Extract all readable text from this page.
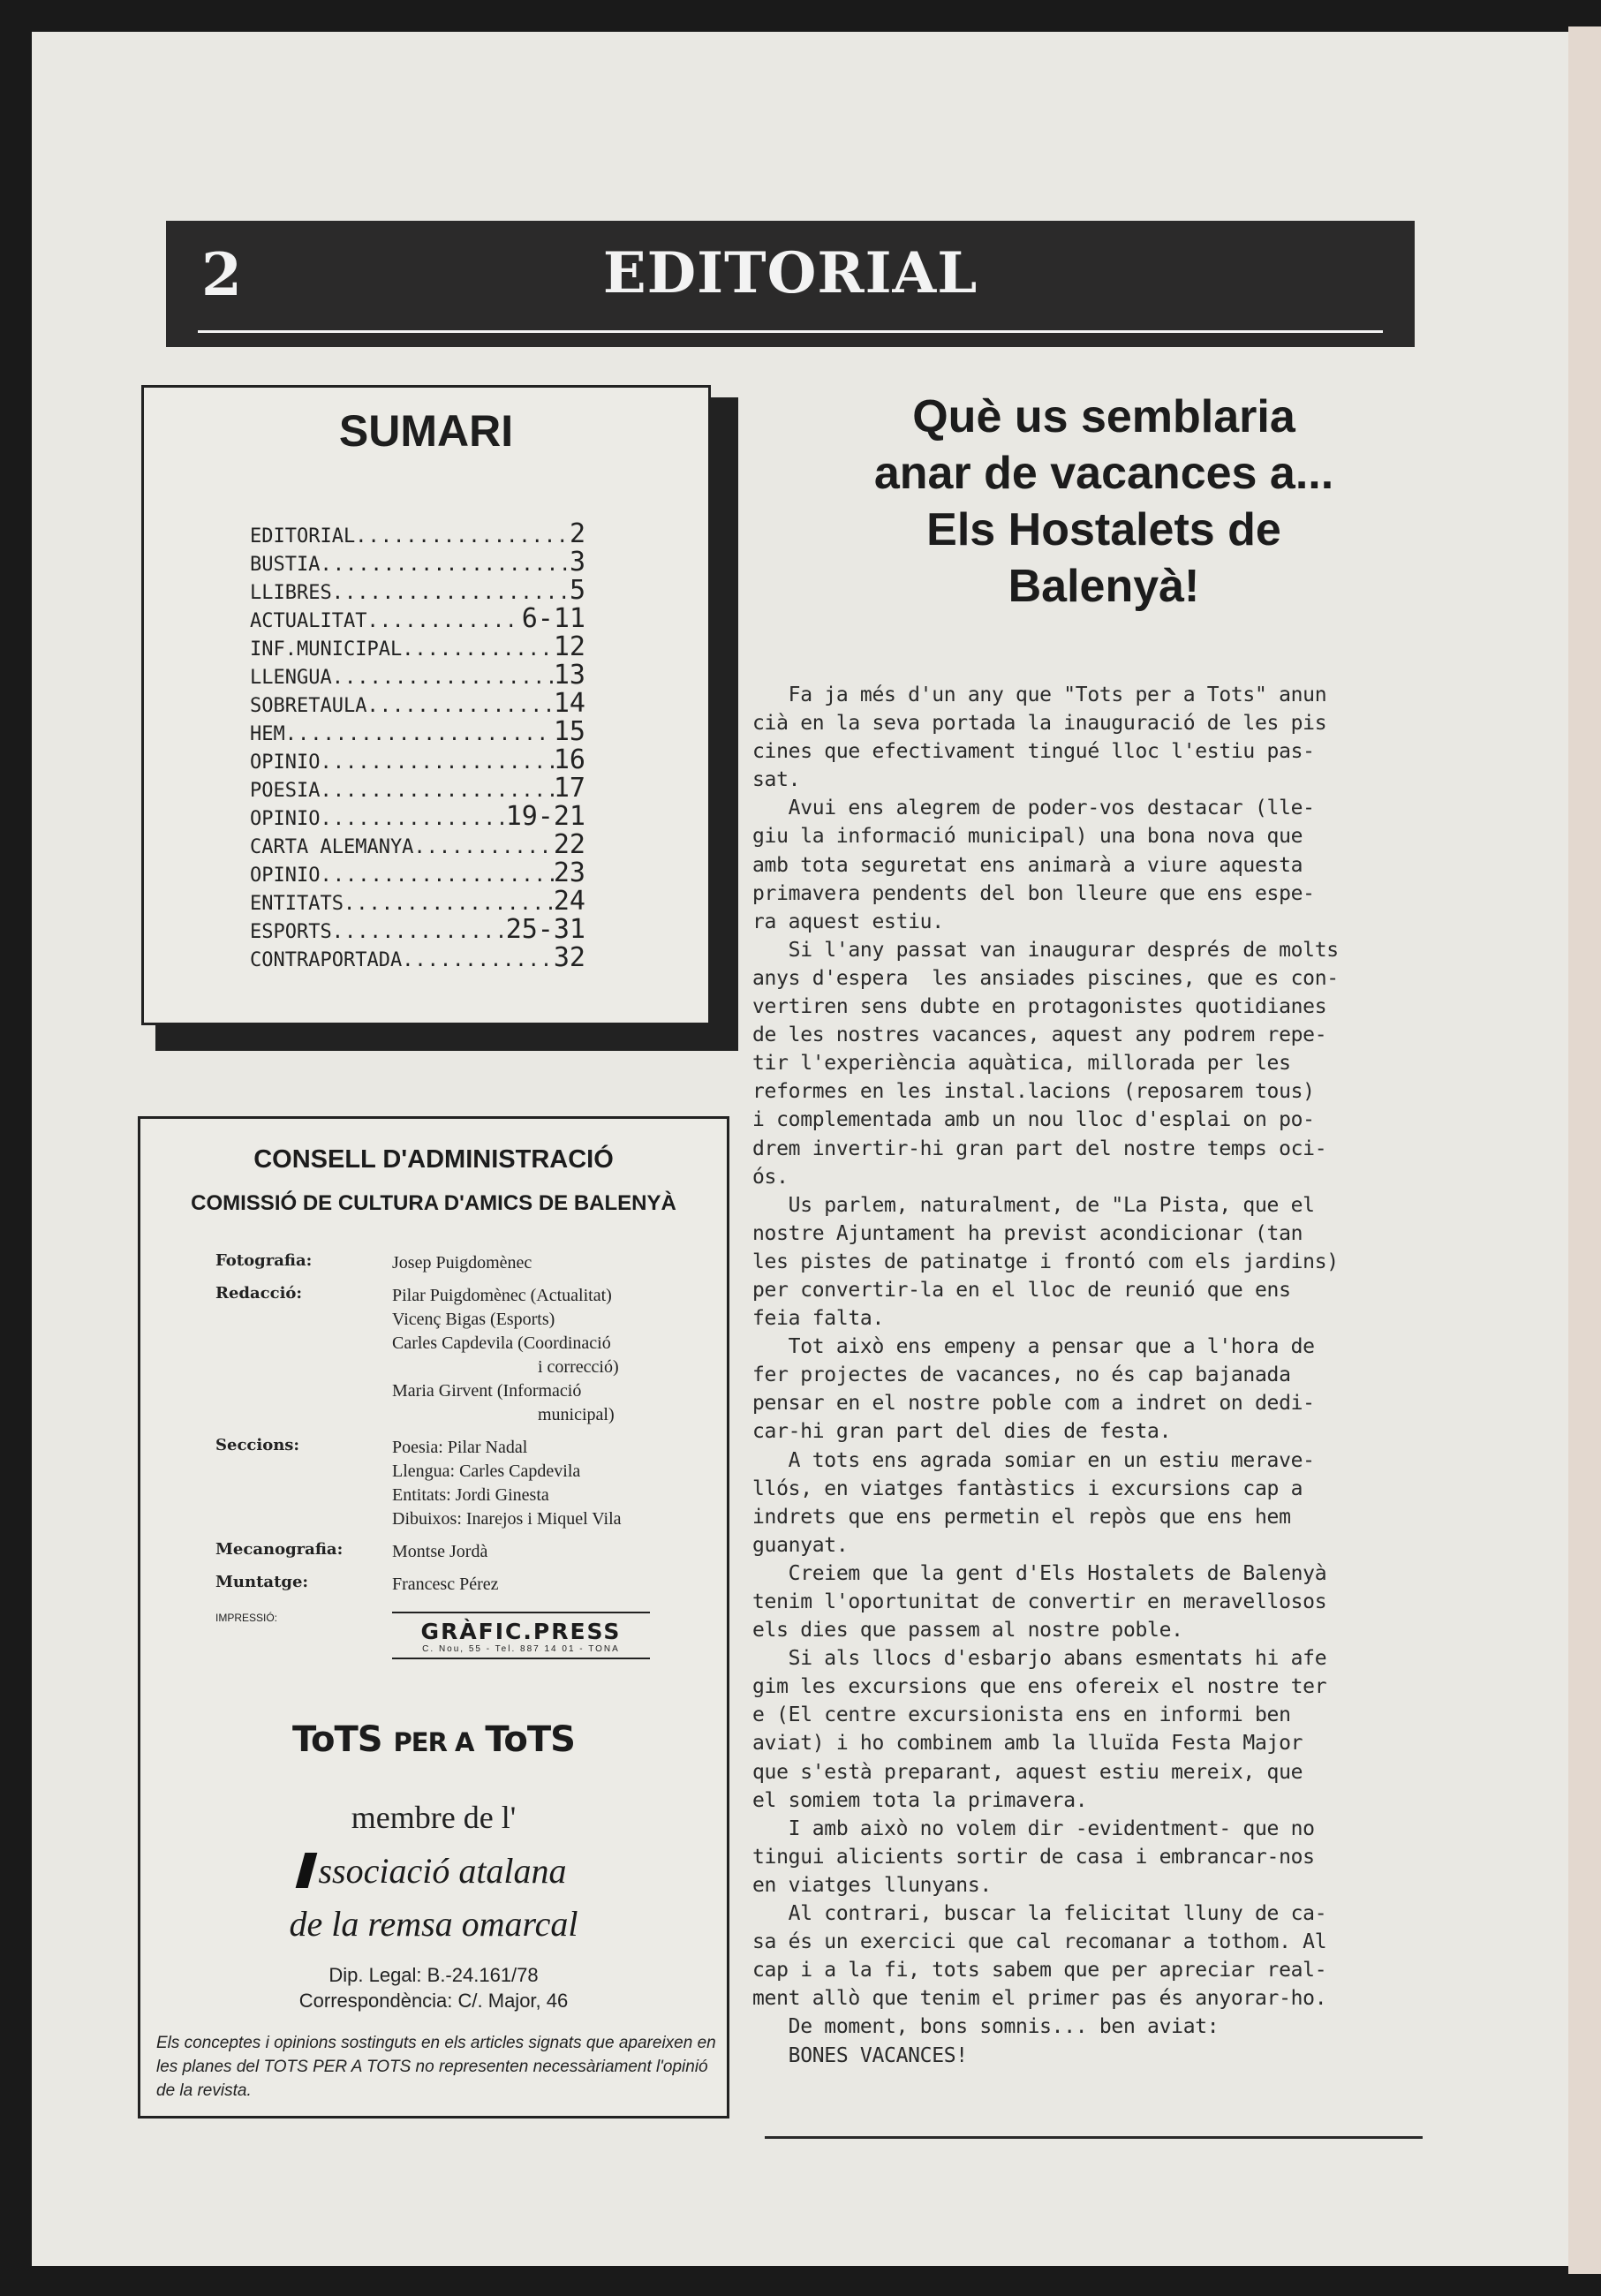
2	EDITORIAL
SUMARI
EDITORIAL .....	2
BUSTIA .....	3
LLIBRES .....	5
ACTUALITAT .....	6-11
INF.MUNICIPAL .....	12
LLENGUA .....	13
SOBRETAULA .....	14
HEM .....	15
OPINIO .....	16
POESIA .....	17
OPINIO .....	19-21
CARTA ALEMANYA .....	22
OPINIO .....	23
ENTITATS .....	24
ESPORTS .....	25-31
CONTRAPORTADA .....	32
CONSELL D'ADMINISTRACIÓ
COMISSIÓ DE CULTURA D'AMICS DE BALENYÀ
Fotografia:	Josep Puigdomènec
Redacció:	Pilar Puigdomènec (Actualitat)
Vicenç Bigas (Esports)
Carles Capdevila (Coordinació
i correcció)
Maria Girvent (Informació
municipal)
Seccions:	Poesia: Pilar Nadal
Llengua: Carles Capdevila
Entitats: Jordi Ginesta
Dibuixos: Inarejos i Miquel Vila
Mecanografia:	Montse Jordà
Muntatge:	Francesc Pérez
IMPRESSIÓ:
GRÀFIC.PRESS
C. Nou, 55 - Tel. 887 14 01 - TONA
ToTS PER A ToTS
membre de l'
ssociació atalana
de la remsa omarcal
Dip. Legal: B.-24.161/78
Correspondència: C/. Major, 46
Els conceptes i opinions sostinguts en els articles signats que apareixen en les planes del TOTS PER A TOTS no representen necessàriament l'opinió de la revista.
Què us semblaria
anar de vacances a...
Els Hostalets de
Balenyà!
Fa ja més d'un any que "Tots per a Tots" anun
cià en la seva portada la inauguració de les pis
cines que efectivament tingué lloc l'estiu pas-
sat.
Avui ens alegrem de poder-vos destacar (lle-
giu la informació municipal) una bona nova que
amb tota seguretat ens animarà a viure aquesta
primavera pendents del bon lleure que ens espe-
ra aquest estiu.
Si l'any passat van inaugurar després de molts
anys d'espera  les ansiades piscines, que es con-
vertiren sens dubte en protagonistes quotidianes
de les nostres vacances, aquest any podrem repe-
tir l'experiència aquàtica, millorada per les
reformes en les instal.lacions (reposarem tous)
i complementada amb un nou lloc d'esplai on po-
drem invertir-hi gran part del nostre temps oci-
ós.
Us parlem, naturalment, de "La Pista, que el
nostre Ajuntament ha previst acondicionar (tan
les pistes de patinatge i frontó com els jardins)
per convertir-la en el lloc de reunió que ens
feia falta.
Tot això ens empeny a pensar que a l'hora de
fer projectes de vacances, no és cap bajanada
pensar en el nostre poble com a indret on dedi-
car-hi gran part del dies de festa.
A tots ens agrada somiar en un estiu merave-
llós, en viatges fantàstics i excursions cap a
indrets que ens permetin el repòs que ens hem
guanyat.
Creiem que la gent d'Els Hostalets de Balenyà
tenim l'oportunitat de convertir en meravellosos
els dies que passem al nostre poble.
Si als llocs d'esbarjo abans esmentats hi afe
gim les excursions que ens ofereix el nostre ter
e (El centre excursionista ens en informi ben
aviat) i ho combinem amb la lluïda Festa Major
que s'està preparant, aquest estiu mereix, que
el somiem tota la primavera.
I amb això no volem dir -evidentment- que no
tingui alicients sortir de casa i embrancar-nos
en viatges llunyans.
Al contrari, buscar la felicitat lluny de ca-
sa és un exercici que cal recomanar a tothom. Al
cap i a la fi, tots sabem que per apreciar real-
ment allò que tenim el primer pas és anyorar-ho.
De moment, bons somnis... ben aviat:
BONES VACANCES!
